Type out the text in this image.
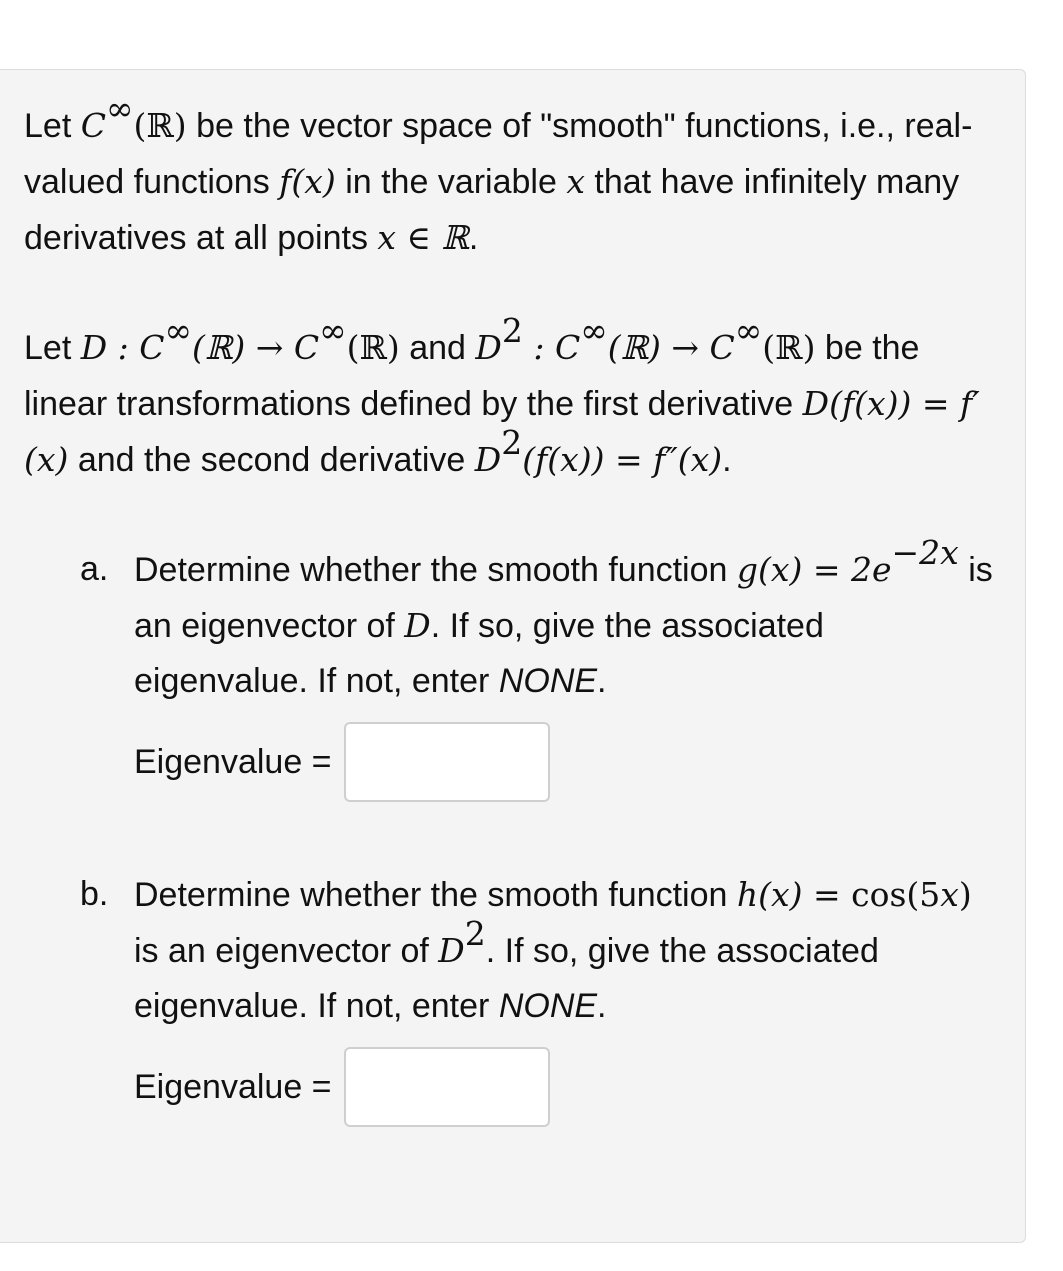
Let C∞(ℝ) be the vector space of "smooth" functions, i.e., real-valued functions f(x) in the variable x that have infinitely many derivatives at all points x ∈ ℝ.

Let D : C∞(ℝ) → C∞(ℝ) and $D^2$ : C∞(ℝ) → C∞(ℝ) be the linear transformations defined by the first derivative D(f(x)) = f′(x) and the second derivative $D^2(f(x)) = f''(x)$.

a. Determine whether the smooth function $g(x) = 2e^{-2x}$ is an eigenvector of D. If so, give the associated eigenvalue. If not, enter NONE.
Eigenvalue =
b. Determine whether the smooth function h(x) = cos(5x) is an eigenvector of $D^2$. If so, give the associated eigenvalue. If not, enter NONE.
Eigenvalue =
